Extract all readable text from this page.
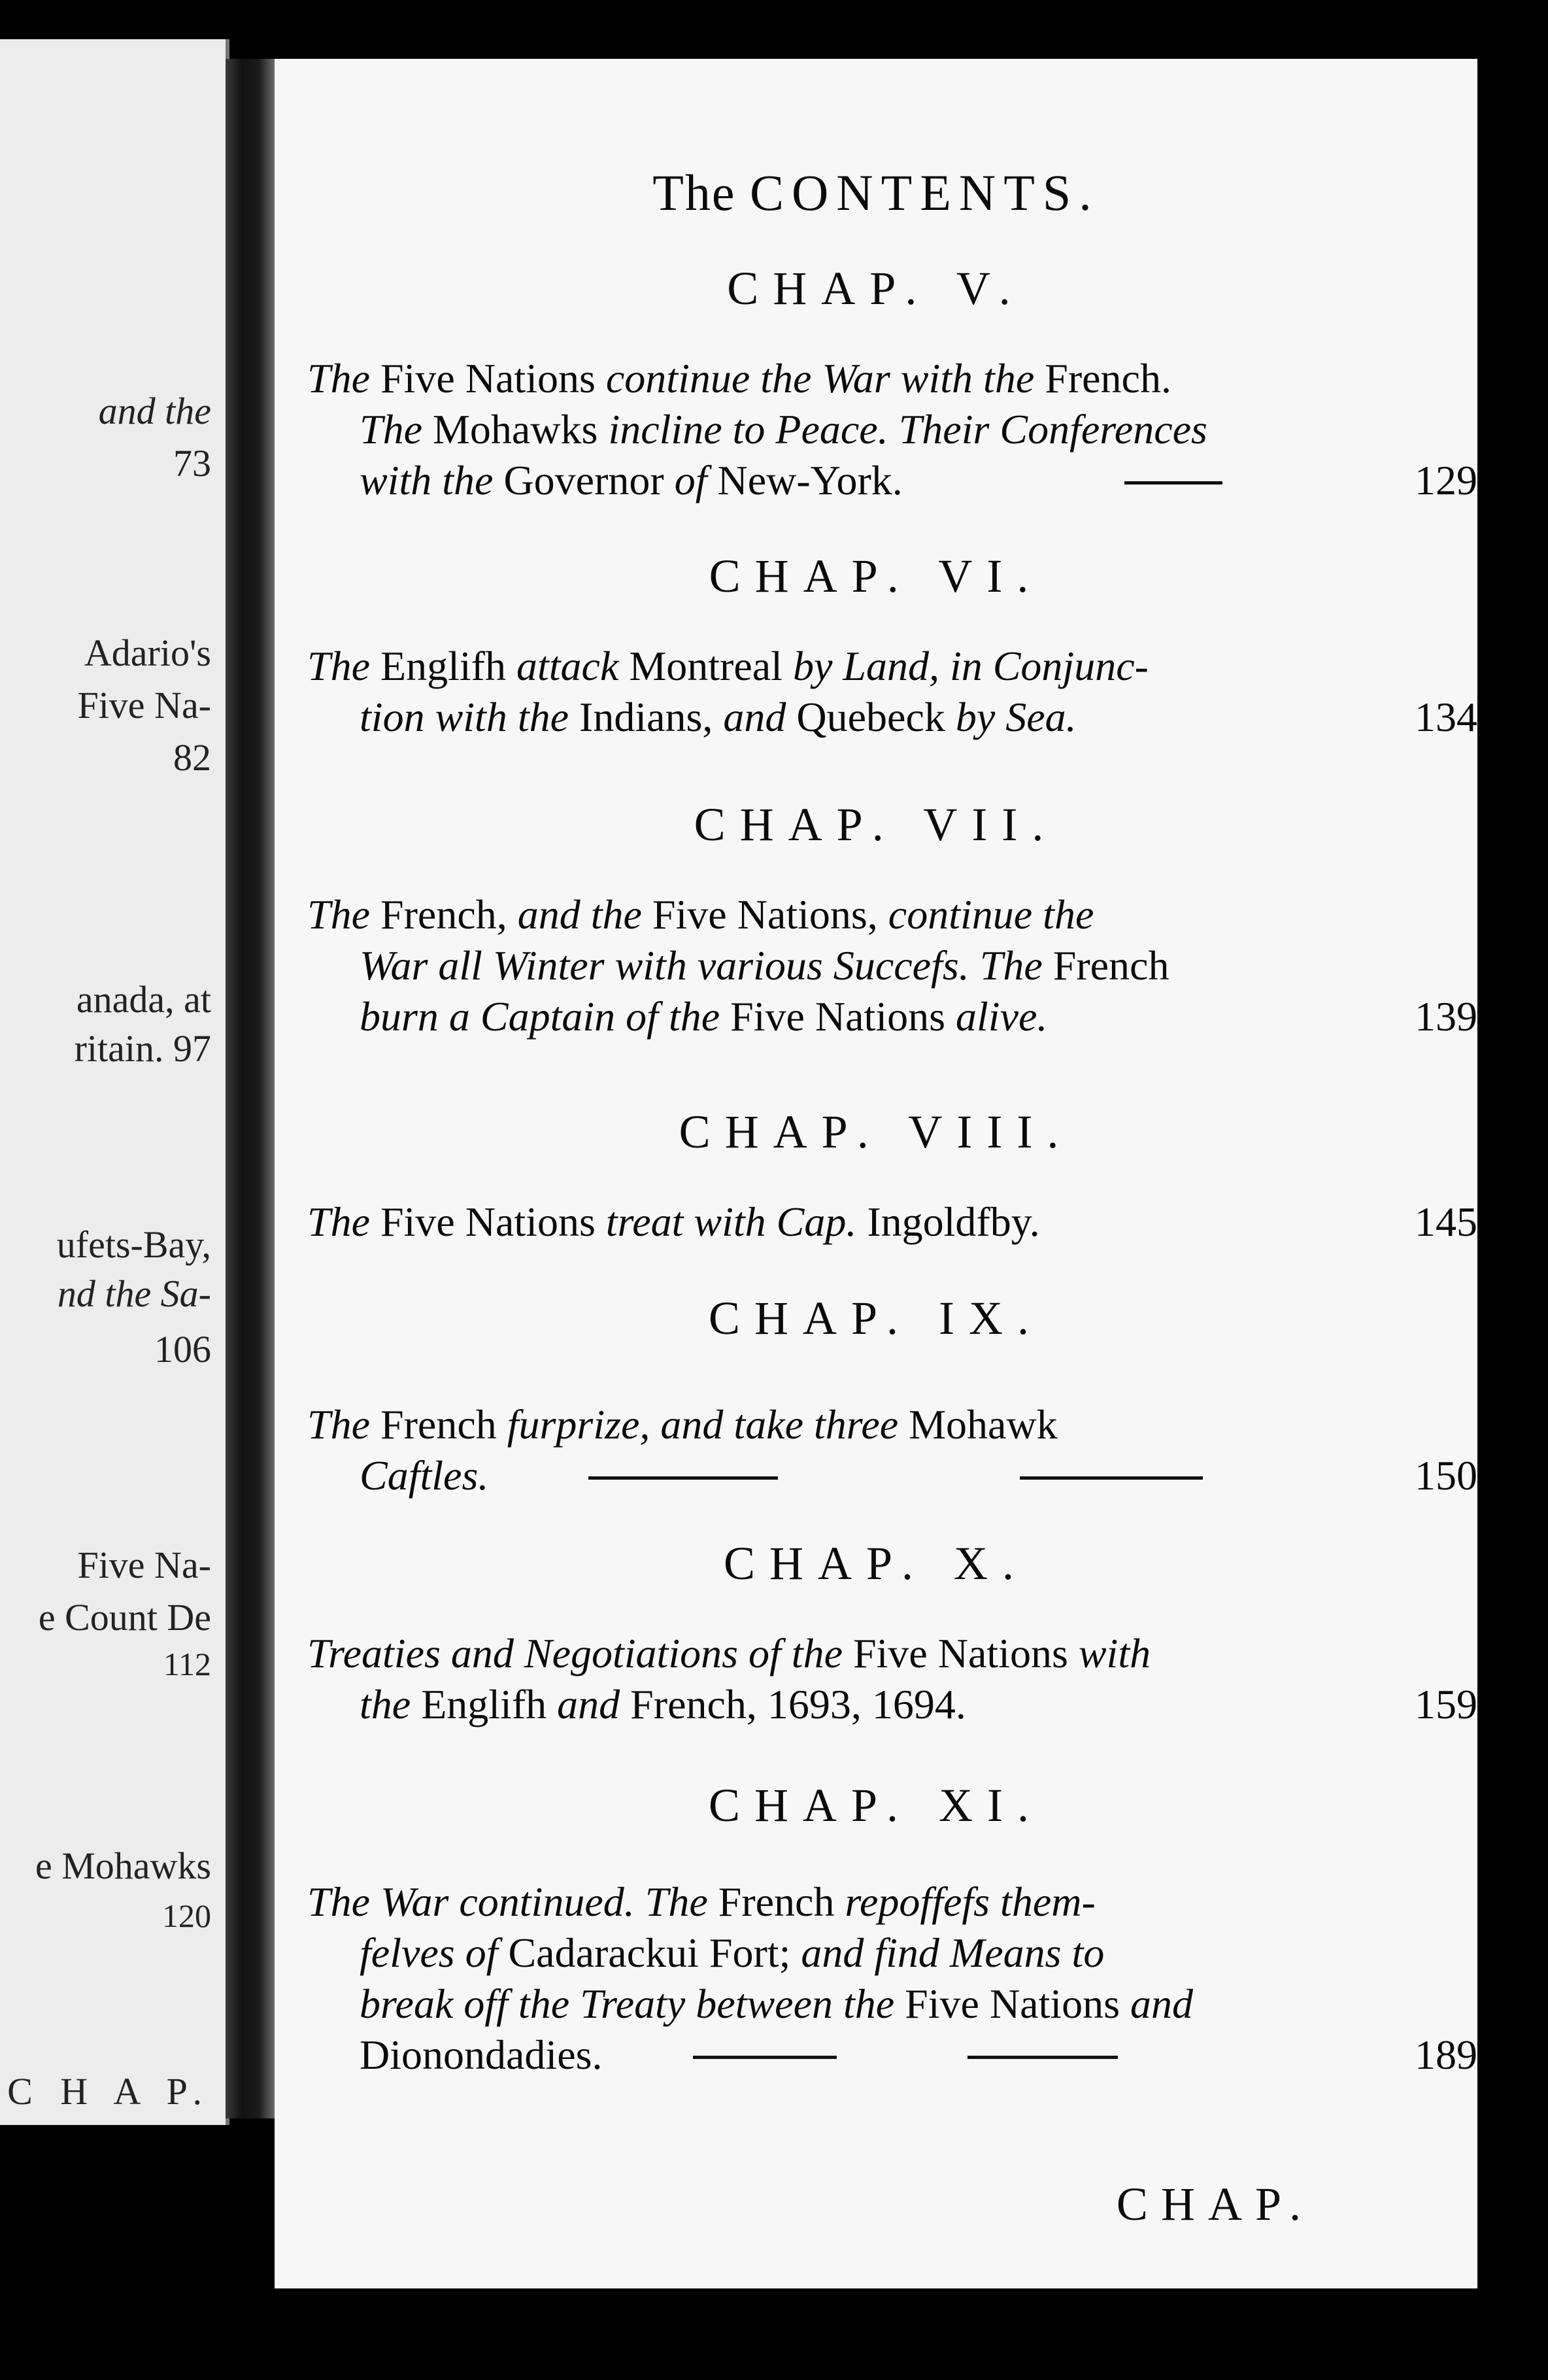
and the
73
Adario's
Five Na-
82
anada, at
ritain. 97
ufets-Bay,
nd the Sa-
106
Five Na-
e Count De
112
e Mohawks
120
C H A P.
The CONTENTS.
CHAP. V.
The Five Nations continue the War with the French.
The Mohawks incline to Peace. Their Conferences
with the Governor of New-York.	129
CHAP. VI.
The Englifh attack Montreal by Land, in Conjunc-
tion with the Indians, and Quebeck by Sea.	134
CHAP. VII.
The French, and the Five Nations, continue the
War all Winter with various Succefs. The French
burn a Captain of the Five Nations alive.	139
CHAP. VIII.
The Five Nations treat with Cap. Ingoldfby.	145
CHAP. IX.
The French furprize, and take three Mohawk
Caftles.	150
CHAP. X.
Treaties and Negotiations of the Five Nations with
the Englifh and French, 1693, 1694.	159
CHAP. XI.
The War continued. The French repoffefs them-
felves of Cadarackui Fort; and find Means to
break off the Treaty between the Five Nations and
Dionondadies.	189
CHAP.
